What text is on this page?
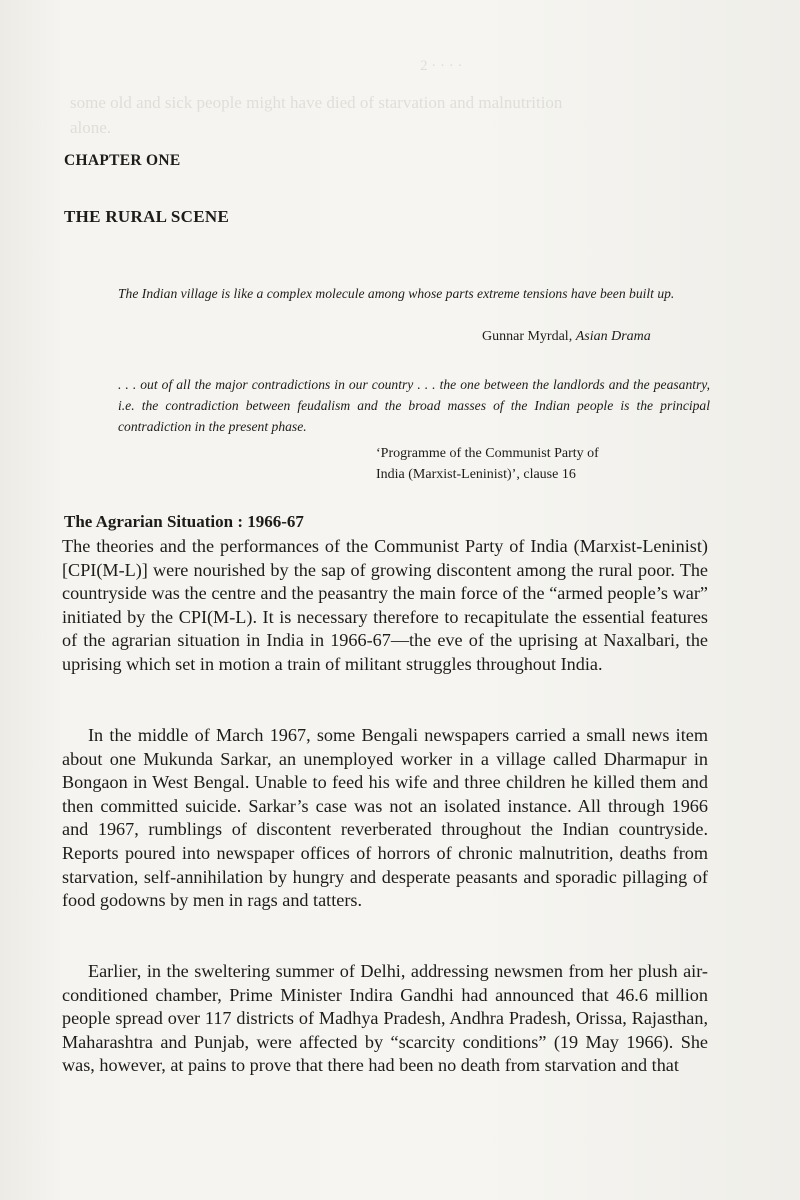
2 · · · ·
some old and sick people might have died of starvation and malnutrition
alone.
CHAPTER ONE
THE RURAL SCENE

The Indian village is like a complex molecule among whose parts extreme tensions have been built up.

Gunnar Myrdal, Asian Drama

. . . out of all the major contradictions in our country . . . the one between the landlords and the peasantry, i.e. the contradiction between feudalism and the broad masses of the Indian people is the principal contradiction in the present phase.

‘Programme of the Communist Party of
India (Marxist-Leninist)’, clause 16
The Agrarian Situation : 1966-67

The theories and the performances of the Communist Party of India (Marxist-Leninist) [CPI(M-L)] were nourished by the sap of growing discontent among the rural poor. The countryside was the centre and the peasantry the main force of the “armed people’s war” initiated by the CPI(M-L). It is necessary therefore to recapitulate the essential features of the agrarian situation in India in 1966-67—the eve of the uprising at Naxalbari, the uprising which set in motion a train of militant struggles throughout India.

In the middle of March 1967, some Bengali newspapers carried a small news item about one Mukunda Sarkar, an unemployed worker in a village called Dharmapur in Bongaon in West Bengal. Unable to feed his wife and three children he killed them and then committed suicide. Sarkar’s case was not an isolated instance. All through 1966 and 1967, rumblings of discontent reverberated throughout the Indian countryside. Reports poured into newspaper offices of horrors of chronic malnutrition, deaths from starvation, self-annihilation by hungry and desperate peasants and sporadic pillaging of food godowns by men in rags and tatters.

Earlier, in the sweltering summer of Delhi, addressing newsmen from her plush air-conditioned chamber, Prime Minister Indira Gandhi had announced that 46.6 million people spread over 117 districts of Madhya Pradesh, Andhra Pradesh, Orissa, Rajasthan, Maharashtra and Punjab, were affected by “scarcity conditions” (19 May 1966). She was, however, at pains to prove that there had been no death from starvation and that
